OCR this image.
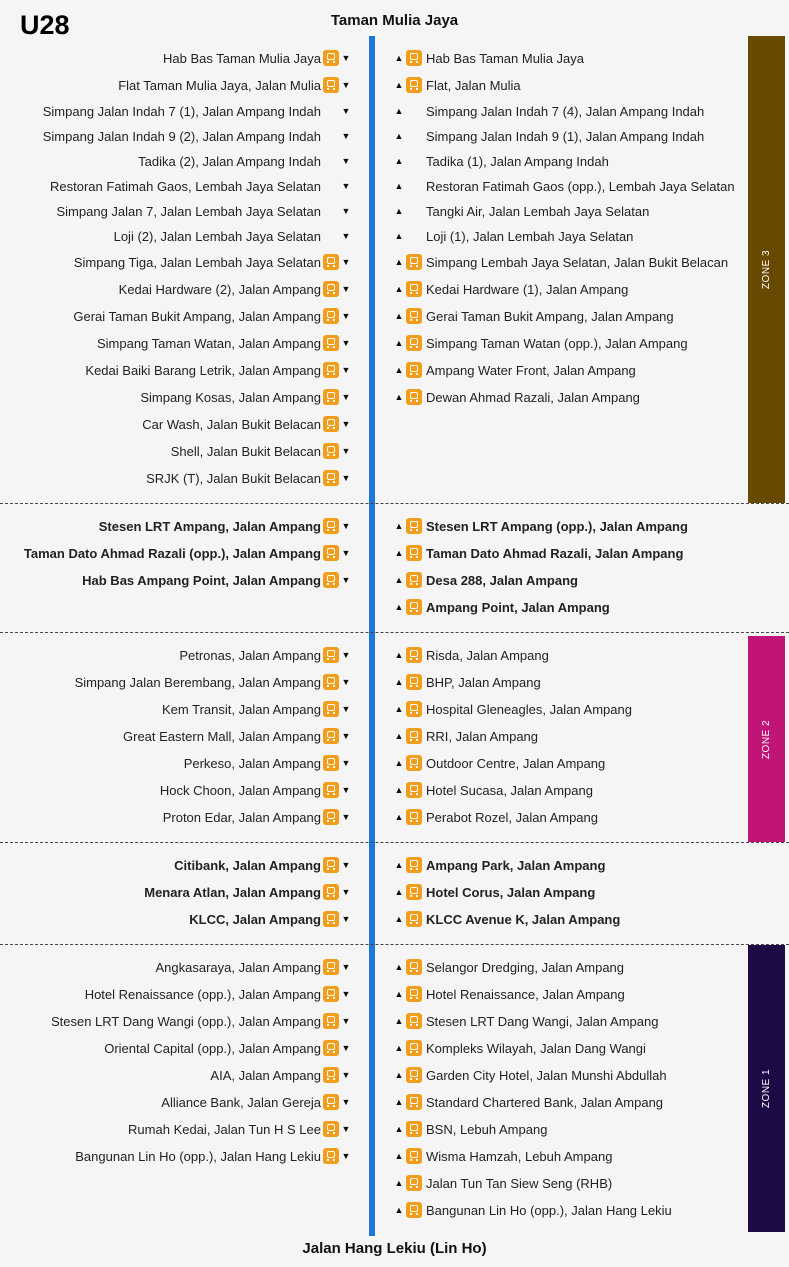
U28	Taman Mulia Jaya
ZONE 3
ZONE 2
ZONE 1
Hab Bas Taman Mulia Jaya ▼
Flat Taman Mulia Jaya, Jalan Mulia ▼
Simpang Jalan Indah 7 (1), Jalan Ampang Indah ▼
Simpang Jalan Indah 9 (2), Jalan Ampang Indah ▼
Tadika (2), Jalan Ampang Indah ▼
Restoran Fatimah Gaos, Lembah Jaya Selatan ▼
Simpang Jalan 7, Jalan Lembah Jaya Selatan ▼
Loji (2), Jalan Lembah Jaya Selatan ▼
Simpang Tiga, Jalan Lembah Jaya Selatan ▼
Kedai Hardware (2), Jalan Ampang ▼
Gerai Taman Bukit Ampang, Jalan Ampang ▼
Simpang Taman Watan, Jalan Ampang ▼
Kedai Baiki Barang Letrik, Jalan Ampang ▼
Simpang Kosas, Jalan Ampang ▼
Car Wash, Jalan Bukit Belacan ▼
Shell, Jalan Bukit Belacan ▼
SRJK (T), Jalan Bukit Belacan ▼
Stesen LRT Ampang, Jalan Ampang ▼
Taman Dato Ahmad Razali (opp.), Jalan Ampang ▼
Hab Bas Ampang Point, Jalan Ampang ▼
Petronas, Jalan Ampang ▼
Simpang Jalan Berembang, Jalan Ampang ▼
Kem Transit, Jalan Ampang ▼
Great Eastern Mall, Jalan Ampang ▼
Perkeso, Jalan Ampang ▼
Hock Choon, Jalan Ampang ▼
Proton Edar, Jalan Ampang ▼
Citibank, Jalan Ampang ▼
Menara Atlan, Jalan Ampang ▼
KLCC, Jalan Ampang ▼
Angkasaraya, Jalan Ampang ▼
Hotel Renaissance (opp.), Jalan Ampang ▼
Stesen LRT Dang Wangi (opp.), Jalan Ampang ▼
Oriental Capital (opp.), Jalan Ampang ▼
AIA, Jalan Ampang ▼
Alliance Bank, Jalan Gereja ▼
Rumah Kedai, Jalan Tun H S Lee ▼
Bangunan Lin Ho (opp.), Jalan Hang Lekiu ▼
▲ Hab Bas Taman Mulia Jaya
▲ Flat, Jalan Mulia
▲ Simpang Jalan Indah 7 (4), Jalan Ampang Indah
▲ Simpang Jalan Indah 9 (1), Jalan Ampang Indah
▲ Tadika (1), Jalan Ampang Indah
▲ Restoran Fatimah Gaos (opp.), Lembah Jaya Selatan
▲ Tangki Air, Jalan Lembah Jaya Selatan
▲ Loji (1), Jalan Lembah Jaya Selatan
▲ Simpang Lembah Jaya Selatan, Jalan Bukit Belacan
▲ Kedai Hardware (1), Jalan Ampang
▲ Gerai Taman Bukit Ampang, Jalan Ampang
▲ Simpang Taman Watan (opp.), Jalan Ampang
▲ Ampang Water Front, Jalan Ampang
▲ Dewan Ahmad Razali, Jalan Ampang
▲ Stesen LRT Ampang (opp.), Jalan Ampang
▲ Taman Dato Ahmad Razali, Jalan Ampang
▲ Desa 288, Jalan Ampang
▲ Ampang Point, Jalan Ampang
▲ Risda, Jalan Ampang
▲ BHP, Jalan Ampang
▲ Hospital Gleneagles, Jalan Ampang
▲ RRI, Jalan Ampang
▲ Outdoor Centre, Jalan Ampang
▲ Hotel Sucasa, Jalan Ampang
▲ Perabot Rozel, Jalan Ampang
▲ Ampang Park, Jalan Ampang
▲ Hotel Corus, Jalan Ampang
▲ KLCC Avenue K, Jalan Ampang
▲ Selangor Dredging, Jalan Ampang
▲ Hotel Renaissance, Jalan Ampang
▲ Stesen LRT Dang Wangi, Jalan Ampang
▲ Kompleks Wilayah, Jalan Dang Wangi
▲ Garden City Hotel, Jalan Munshi Abdullah
▲ Standard Chartered Bank, Jalan Ampang
▲ BSN, Lebuh Ampang
▲ Wisma Hamzah, Lebuh Ampang
▲ Jalan Tun Tan Siew Seng (RHB)
▲ Bangunan Lin Ho (opp.), Jalan Hang Lekiu
Jalan Hang Lekiu (Lin Ho)
